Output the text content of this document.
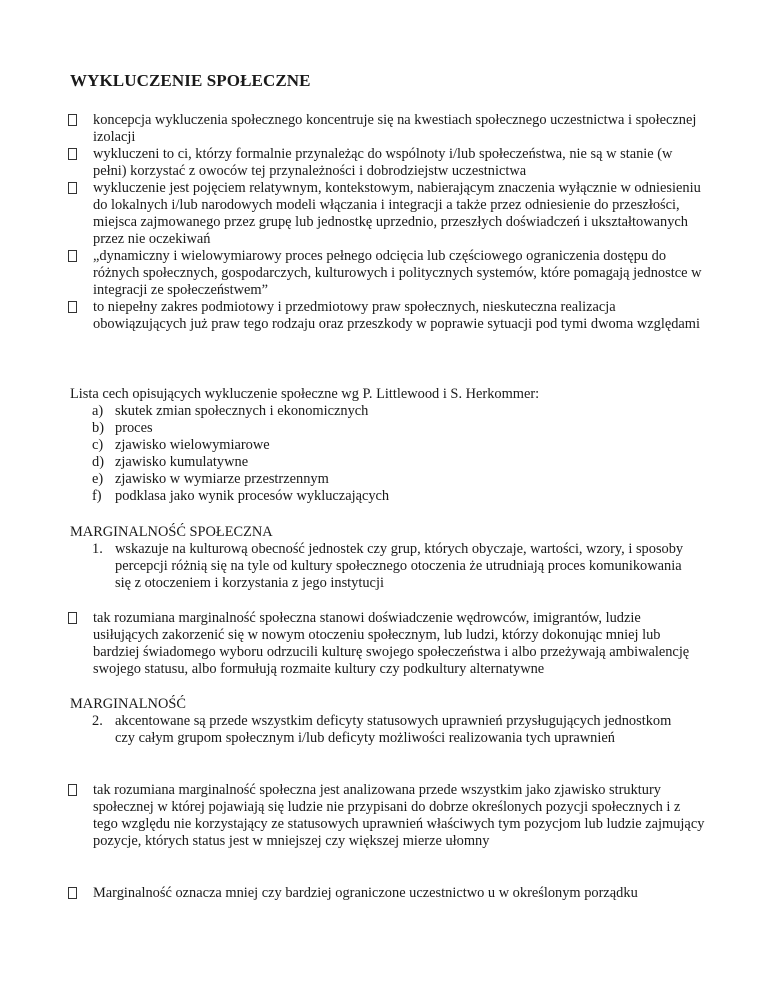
WYKLUCZENIE SPOŁECZNE
koncepcja wykluczenia społecznego koncentruje się na kwestiach społecznego uczestnictwa i społecznej izolacji
wykluczeni to ci, którzy formalnie przynależąc do wspólnoty i/lub społeczeństwa, nie są w stanie (w pełni) korzystać z owoców tej przynależności i dobrodziejstw uczestnictwa
wykluczenie jest pojęciem relatywnym, kontekstowym, nabierającym znaczenia wyłącznie w odniesieniu do lokalnych i/lub narodowych modeli włączania i integracji a także przez odniesienie do przeszłości, miejsca zajmowanego przez grupę lub jednostkę uprzednio, przeszłych doświadczeń i ukształtowanych przez nie oczekiwań
„dynamiczny i wielowymiarowy proces pełnego odcięcia lub częściowego ograniczenia dostępu do różnych społecznych, gospodarczych, kulturowych i politycznych systemów, które pomagają jednostce w integracji ze społeczeństwem”
to niepełny zakres podmiotowy i przedmiotowy praw społecznych, nieskuteczna realizacja obowiązujących już praw tego rodzaju oraz przeszkody w poprawie sytuacji pod tymi dwoma względami
Lista cech opisujących wykluczenie społeczne wg P. Littlewood i S. Herkommer:
a) skutek zmian społecznych i ekonomicznych
b) proces
c) zjawisko wielowymiarowe
d) zjawisko kumulatywne
e) zjawisko w wymiarze przestrzennym
f) podklasa jako wynik procesów wykluczających
MARGINALNOŚĆ SPOŁECZNA
1. wskazuje na kulturową obecność jednostek czy grup, których obyczaje, wartości, wzory, i sposoby percepcji różnią się na tyle od kultury społecznego otoczenia że utrudniają proces komunikowania się z otoczeniem i korzystania z jego instytucji
tak rozumiana marginalność społeczna stanowi doświadczenie wędrowców, imigrantów, ludzie usiłujących zakorzenić się w nowym otoczeniu społecznym, lub ludzi, którzy dokonując mniej lub bardziej świadomego wyboru odrzucili kulturę swojego społeczeństwa i albo przeżywają ambiwalencję swojego statusu, albo formułują rozmaite kultury czy podkultury alternatywne
MARGINALNOŚĆ
2. akcentowane są przede wszystkim deficyty statusowych uprawnień przysługujących jednostkom czy całym grupom społecznym i/lub deficyty możliwości realizowania tych uprawnień
tak rozumiana marginalność społeczna jest analizowana przede wszystkim jako zjawisko struktury społecznej w której pojawiają się ludzie nie przypisani do dobrze określonych pozycji społecznych i z tego względu nie korzystający ze statusowych uprawnień właściwych tym pozycjom lub ludzie zajmujący pozycje, których status jest w mniejszej czy większej mierze ułomny
Marginalność oznacza mniej czy bardziej ograniczone uczestnictwo u w określonym porządku
